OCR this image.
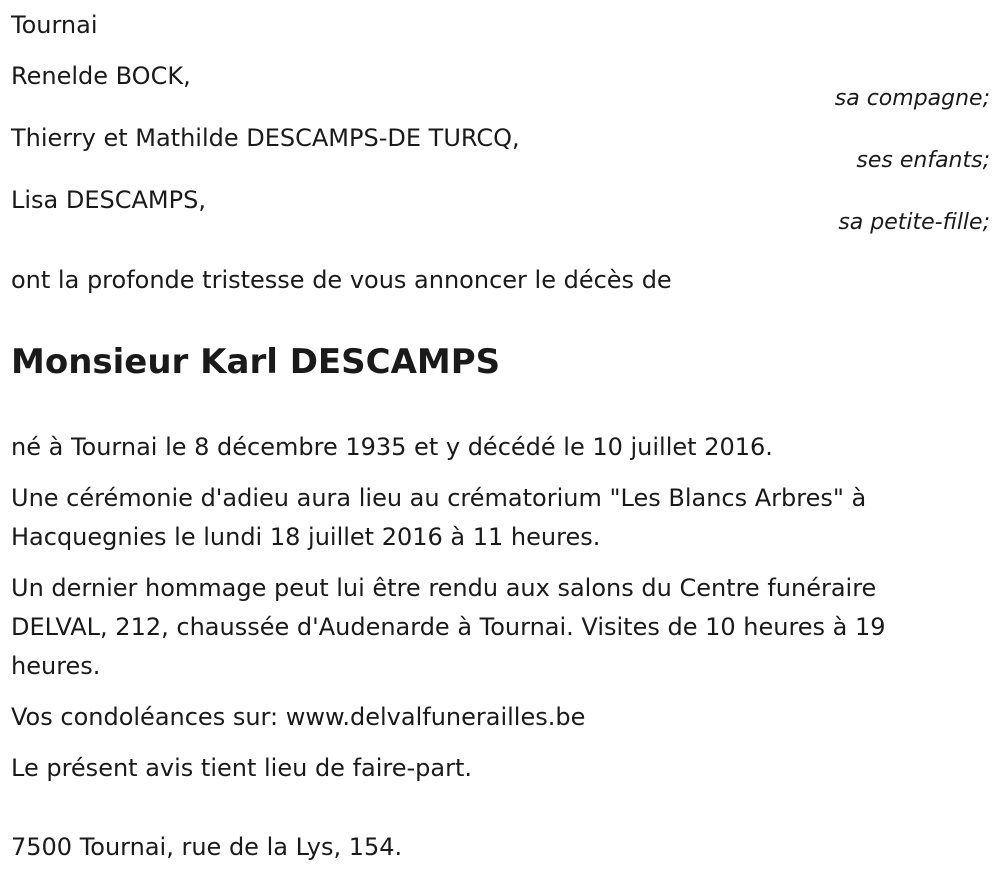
Tournai
Renelde BOCK,
sa compagne;
Thierry et Mathilde DESCAMPS-DE TURCQ,
ses enfants;
Lisa DESCAMPS,
sa petite-fille;
ont la profonde tristesse de vous annoncer le décès de
Monsieur Karl DESCAMPS
né à Tournai le 8 décembre 1935 et y décédé le 10 juillet 2016.
Une cérémonie d'adieu aura lieu au crématorium "Les Blancs Arbres" à
Hacquegnies le lundi 18 juillet 2016 à 11 heures.
Un dernier hommage peut lui être rendu aux salons du Centre funéraire
DELVAL, 212, chaussée d'Audenarde à Tournai. Visites de 10 heures à 19
heures.
Vos condoléances sur: www.delvalfunerailles.be
Le présent avis tient lieu de faire-part.
7500 Tournai, rue de la Lys, 154.
